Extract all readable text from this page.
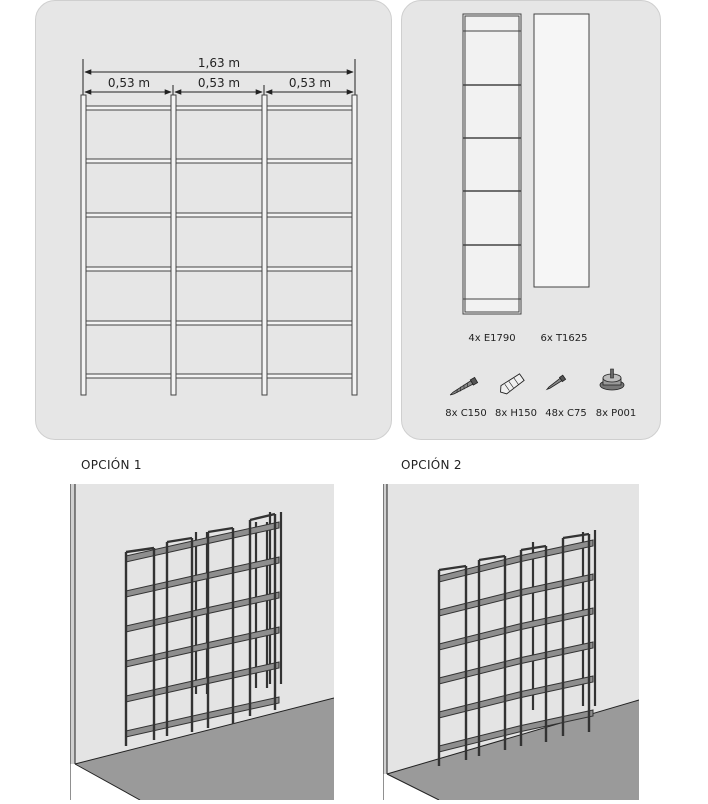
1,63 m
0,53 m	0,53 m	0,53 m
4x E1790 6x T1625
8x C150 8x H150 48x C75 8x P001
OPCIÓN 1	OPCIÓN 2
